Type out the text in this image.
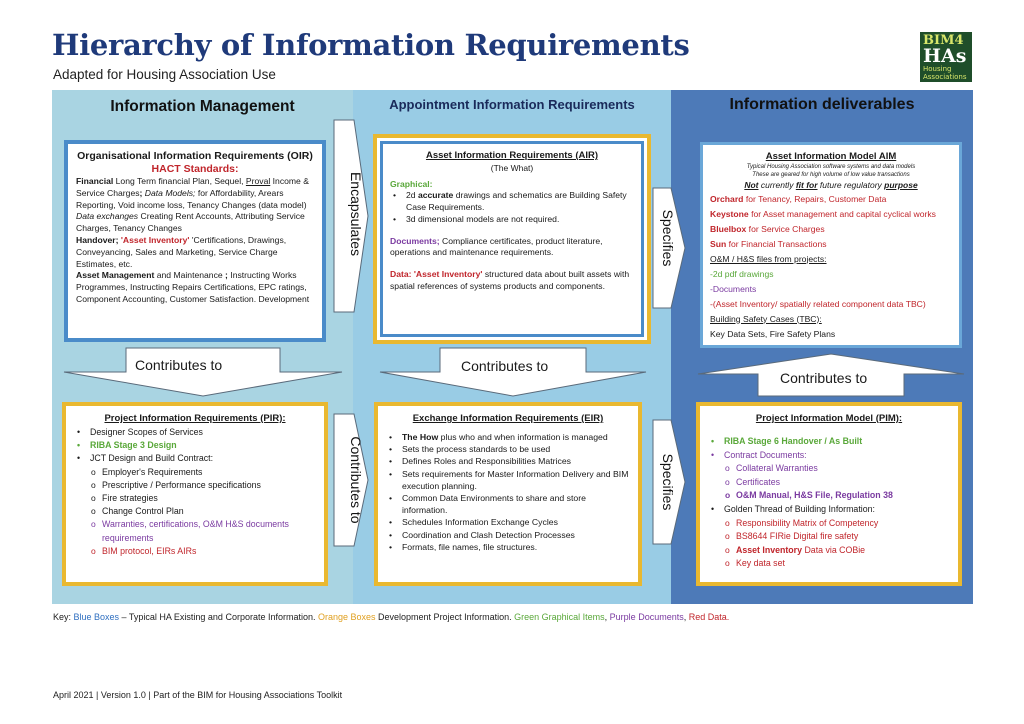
Hierarchy of Information Requirements
Adapted for Housing Association Use
BIM4
HAs
Housing
Associations
Information Management	Appointment Information Requirements	Information deliverables
Organisational Information Requirements (OIR)
HACT Standards:
Financial Long Term financial Plan, Sequel, Proval Income & Service Charges; Data Models; for Affordability, Arears Reporting, Void income loss, Tenancy Changes (data model) Data exchanges Creating Rent Accounts, Attributing Service Charges, Tenancy Changes
Handover; 'Asset Inventory' 'Certifications, Drawings, Conveyancing, Sales and Marketing, Service Charge Estimates, etc.
Asset Management and Maintenance ; Instructing Works Programmes, Instructing Repairs Certifications, EPC ratings, Component Accounting, Customer Satisfaction. Development
Asset Information Requirements (AIR)
(The What)
Graphical:
• 2d accurate drawings and schematics are Building Safety Case Requirements.
• 3d dimensional models are not required.
Documents; Compliance certificates, product literature, operations and maintenance requirements.
Data: 'Asset Inventory' structured data about built assets with spatial references of systems products and components.
Asset Information Model AIM
Typical Housing Association software systems and data models
These are geared for high volume of low value transactions
Not currently fit for future regulatory purpose
Orchard for Tenancy, Repairs, Customer Data
Keystone for Asset management and capital cyclical works
Bluelbox for Service Charges
Sun for Financial Transactions
O&M / H&S files from projects:
-2d pdf drawings
-Documents
-(Asset Inventory/ spatially related component data TBC)
Building Safety Cases (TBC):
Key Data Sets, Fire Safety Plans
Contributes to	Contributes to
Contributes to
Encapsulates
Contributes to
Specifies
Specifies
Project Information Requirements (PIR):
• Designer Scopes of Services
• RIBA Stage 3 Design
• JCT Design and Build Contract:
o Employer's Requirements
o Prescriptive / Performance specifications
o Fire strategies
o Change Control Plan
o Warranties, certifications, O&M H&S documents requirements
o BIM protocol, EIRs AIRs
Exchange Information Requirements (EIR)
• The How plus who and when information is managed
• Sets the process standards to be used
• Defines Roles and Responsibilities Matrices
• Sets requirements for Master Information Delivery and BIM execution planning.
• Common Data Environments to share and store information.
• Schedules Information Exchange Cycles
• Coordination and Clash Detection Processes
• Formats, file names, file structures.
Project Information Model (PIM):
• RIBA Stage 6 Handover / As Built
• Contract Documents:
o Collateral Warranties
o Certificates
o O&M Manual, H&S File, Regulation 38
• Golden Thread of Building Information:
o Responsibility Matrix of Competency
o BS8644 FIRie Digital fire safety
o Asset Inventory Data via COBie
o Key data set
Key: Blue Boxes – Typical HA Existing and Corporate Information. Orange Boxes Development Project Information. Green Graphical Items, Purple Documents, Red Data.
April 2021 | Version 1.0 | Part of the BIM for Housing Associations Toolkit
